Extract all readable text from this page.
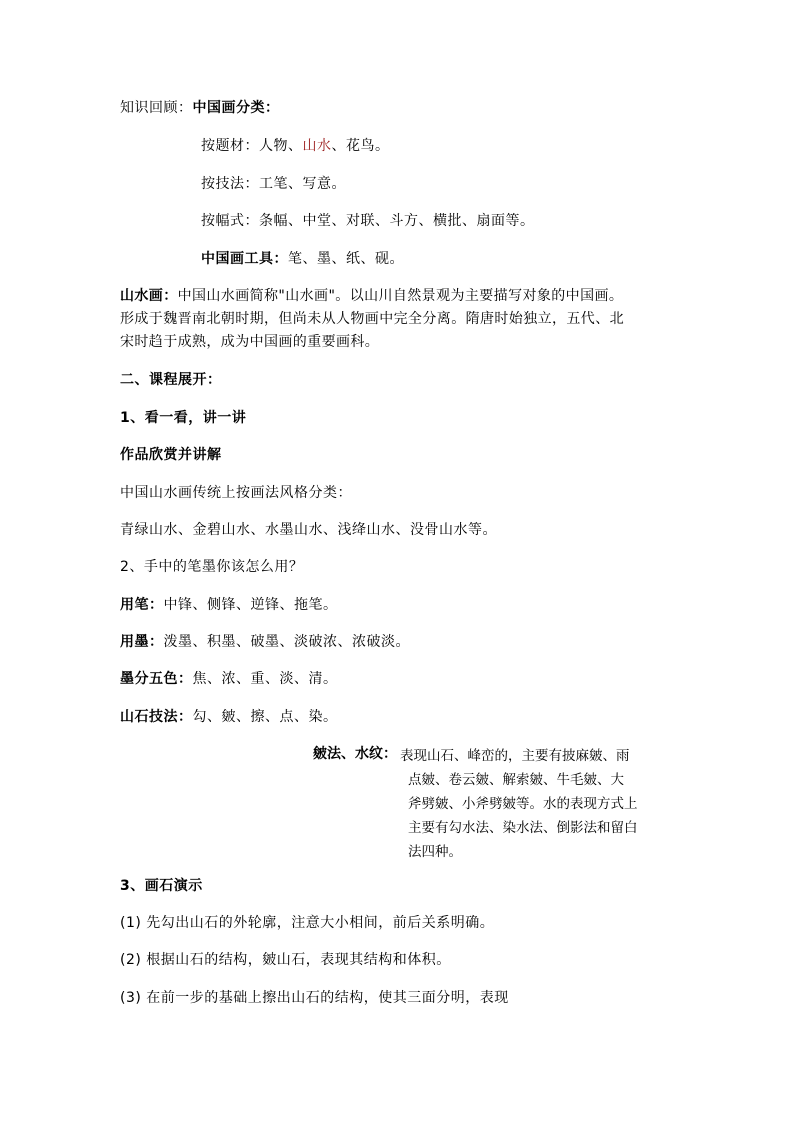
知识回顾：中国画分类：
按题材：人物、山水、花鸟。
按技法：工笔、写意。
按幅式：条幅、中堂、对联、斗方、横批、扇面等。
中国画工具：笔、墨、纸、砚。

山水画：中国山水画简称"山水画"。以山川自然景观为主要描写对象的中国画。

形成于魏晋南北朝时期，但尚未从人物画中完全分离。隋唐时始独立，五代、北

宋时趋于成熟，成为中国画的重要画科。

二、课程展开：
1、看一看，讲一讲
作品欣赏并讲解
中国山水画传统上按画法风格分类：
青绿山水、金碧山水、水墨山水、浅绛山水、没骨山水等。
2、手中的笔墨你该怎么用？
用笔：中锋、侧锋、逆锋、拖笔。
用墨：泼墨、积墨、破墨、淡破浓、浓破淡。
墨分五色：焦、浓、重、淡、清。
山石技法：勾、皴、擦、点、染。
皴法、水纹： 表现山石、峰峦的，主要有披麻皴、雨

点皴、卷云皴、解索皴、牛毛皴、大

斧劈皴、小斧劈皴等。水的表现方式上

主要有勾水法、染水法、倒影法和留白

法四种。

3、画石演示
(1) 先勾出山石的外轮廓，注意大小相间，前后关系明确。
(2) 根据山石的结构，皴山石，表现其结构和体积。
(3) 在前一步的基础上擦出山石的结构，使其三面分明，表现
